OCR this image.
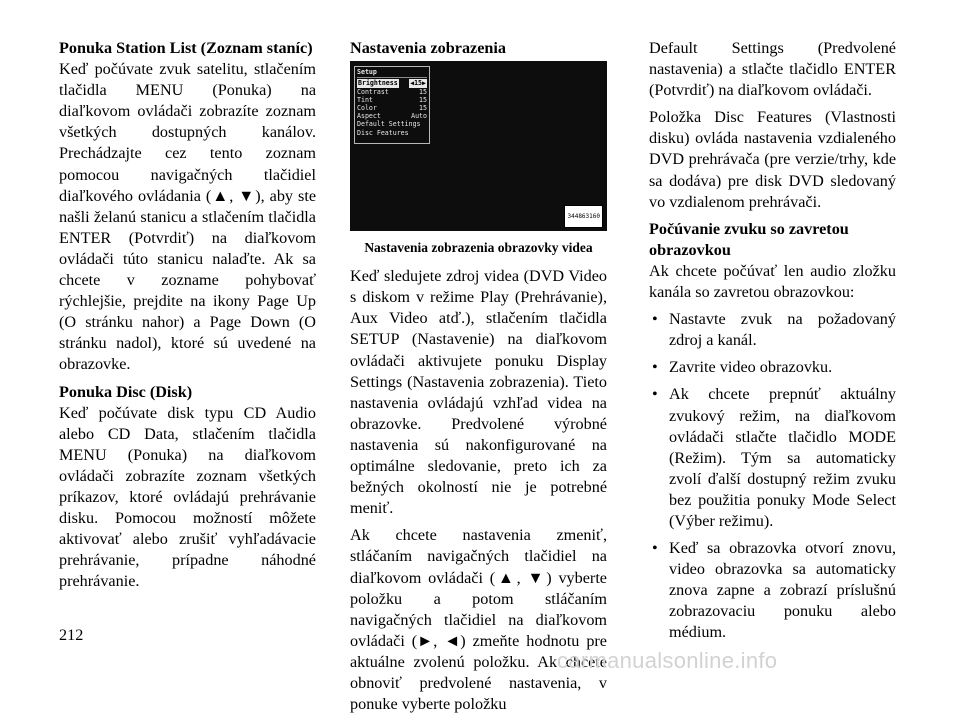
Ponuka Station List (Zoznam staníc)

Keď počúvate zvuk satelitu, stlačením tlačidla MENU (Ponuka) na diaľkovom ovládači zobrazíte zoznam všetkých dostupných kanálov. Prechádzajte cez tento zoznam pomocou navigačných tlačidiel diaľkového ovládania (▲, ▼), aby ste našli želanú stanicu a stlačením tlačidla ENTER (Potvrdiť) na diaľkovom ovládači túto stanicu nalaďte. Ak sa chcete v zozname pohybovať rýchlejšie, prejdite na ikony Page Up (O stránku nahor) a Page Down (O stránku nadol), ktoré sú uvedené na obrazovke.

Ponuka Disc (Disk)

Keď počúvate disk typu CD Audio alebo CD Data, stlačením tlačidla MENU (Ponuka) na diaľkovom ovládači zobrazíte zoznam všetkých príkazov, ktoré ovládajú prehrávanie disku. Pomocou možností môžete aktivovať alebo zrušiť vyhľadávacie prehrávanie, prípadne náhodné prehrávanie.

Nastavenia zobrazenia
Setup
Brightness ◀15▶
Contrast	15
Tint	15
Color	15
Aspect	Auto
Default Settings
Disc Features
344863160

Nastavenia zobrazenia obrazovky videa

Keď sledujete zdroj videa (DVD Video s diskom v režime Play (Prehrávanie), Aux Video atď.), stlačením tlačidla SETUP (Nastavenie) na diaľkovom ovládači aktivujete ponuku Display Settings (Nastavenia zobrazenia). Tieto nastavenia ovládajú vzhľad videa na obrazovke. Predvolené výrobné nastavenia sú nakonfigurované na optimálne sledovanie, preto ich za bežných okolností nie je potrebné meniť.

Ak chcete nastavenia zmeniť, stláčaním navigačných tlačidiel na diaľkovom ovládači (▲, ▼) vyberte položku a potom stláčaním navigačných tlačidiel na diaľkovom ovládači (►, ◄) zmeňte hodnotu pre aktuálne zvolenú položku. Ak chcete obnoviť predvolené nastavenia, v ponuke vyberte položku

Default Settings (Predvolené nastavenia) a stlačte tlačidlo ENTER (Potvrdiť) na diaľkovom ovládači.

Položka Disc Features (Vlastnosti disku) ovláda nastavenia vzdialeného DVD prehrávača (pre verzie/trhy, kde sa dodáva) pre disk DVD sledovaný vo vzdialenom prehrávači.

Počúvanie zvuku so zavretou obrazovkou

Ak chcete počúvať len audio zložku kanála so zavretou obrazovkou:

• Nastavte zvuk na požadovaný zdroj a kanál.
• Zavrite video obrazovku.
• Ak chcete prepnúť aktuálny zvukový režim, na diaľkovom ovládači stlačte tlačidlo MODE (Režim). Tým sa automaticky zvolí ďalší dostupný režim zvuku bez použitia ponuky Mode Select (Výber režimu).
• Keď sa obrazovka otvorí znovu, video obrazovka sa automaticky znova zapne a zobrazí príslušnú zobrazovaciu ponuku alebo médium.
212
carmanualsonline.info
